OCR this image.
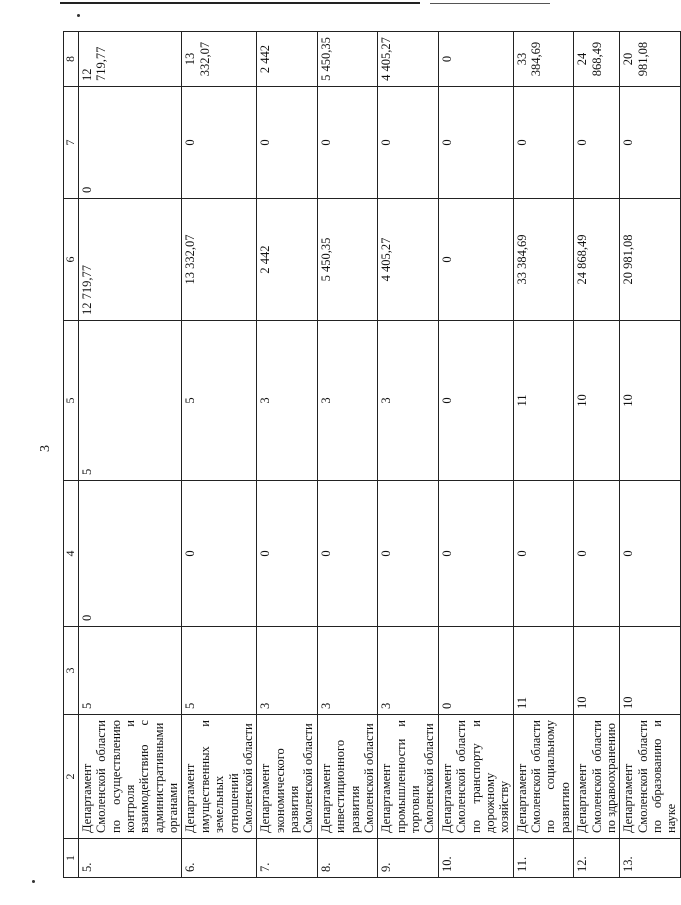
3
1	2	3	4	5	6	7	8
5.	Департамент Смоленской области по осуществлению контроля и взаимодействию с административными органами	5	0	5	12 719,77	0	12 719,77
6.	Департамент имущественных и земельных отношений Смоленской области	5	0	5	13 332,07	0	13 332,07
7.	Департамент экономического развития Смоленской области	3	0	3	2 442	0	2 442
8.	Департамент инвестиционного развития Смоленской области	3	0	3	5 450,35	0	5 450,35
9.	Департамент промышленности и торговли Смоленской области	3	0	3	4 405,27	0	4 405,27
10.	Департамент Смоленской области по транспорту и дорожному хозяйству	0	0	0	0	0	0
11.	Департамент Смоленской области по социальному развитию	11	0	11	33 384,69	0	33 384,69
12.	Департамент Смоленской области по здравоохранению	10	0	10	24 868,49	0	24 868,49
13.	Департамент Смоленской области по образованию и науке	10	0	10	20 981,08	0	20 981,08
